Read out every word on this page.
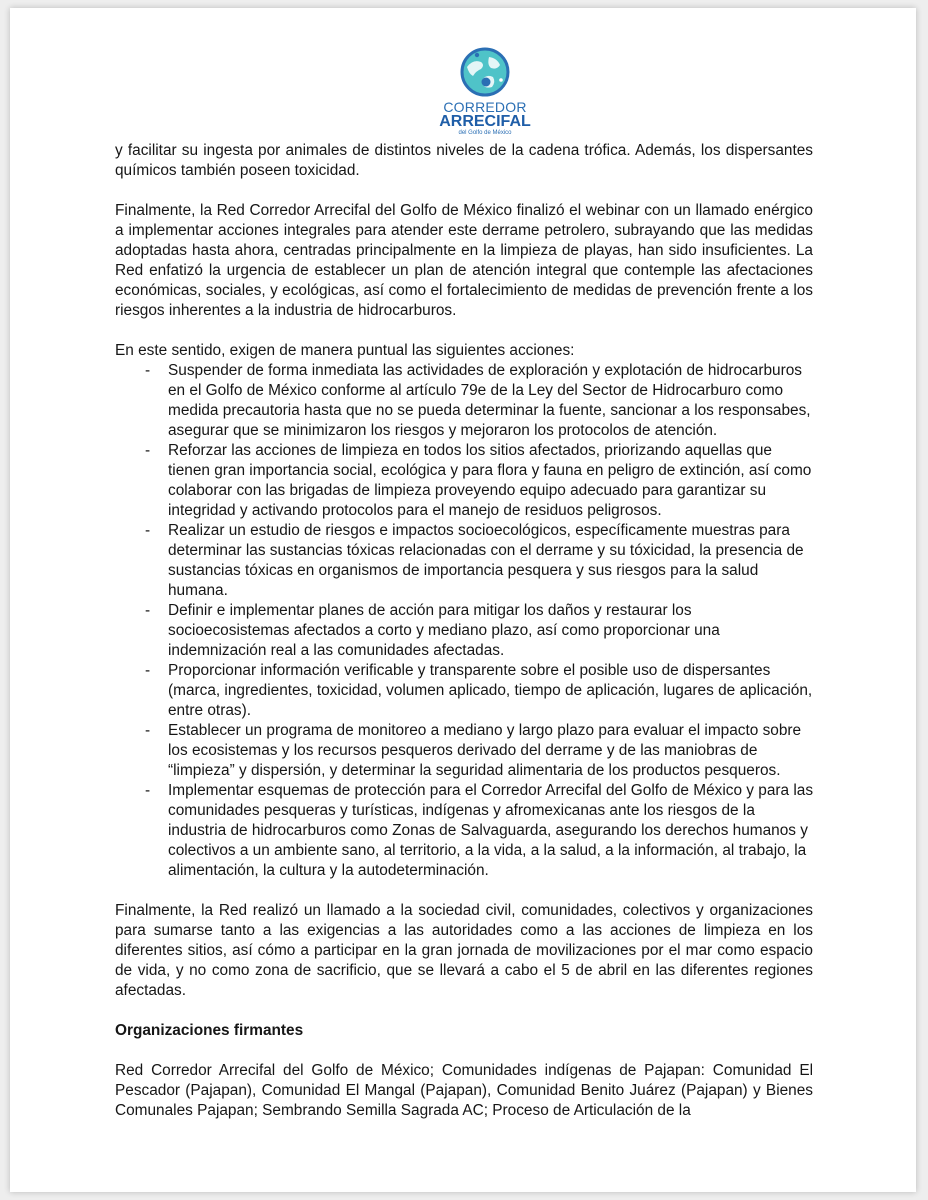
CORREDOR
ARRECIFAL
del Golfo de México

y facilitar su ingesta por animales de distintos niveles de la cadena trófica. Además, los dispersantes químicos también poseen toxicidad.

Finalmente, la Red Corredor Arrecifal del Golfo de México finalizó el webinar con un llamado enérgico a implementar acciones integrales para atender este derrame petrolero, subrayando que las medidas adoptadas hasta ahora, centradas principalmente en la limpieza de playas, han sido insuficientes. La Red enfatizó la urgencia de establecer un plan de atención integral que contemple las afectaciones económicas, sociales, y ecológicas, así como el fortalecimiento de medidas de prevención frente a los riesgos inherentes a la industria de hidrocarburos.

En este sentido, exigen de manera puntual las siguientes acciones:

- Suspender de forma inmediata las actividades de exploración y explotación de hidrocarburos en el Golfo de México conforme al artículo 79e de la Ley del Sector de Hidrocarburo como medida precautoria hasta que no se pueda determinar la fuente, sancionar a los responsabes, asegurar que se minimizaron los riesgos y mejoraron los protocolos de atención.
- Reforzar las acciones de limpieza en todos los sitios afectados, priorizando aquellas que tienen gran importancia social, ecológica y para flora y fauna en peligro de extinción, así como colaborar con las brigadas de limpieza proveyendo equipo adecuado para garantizar su integridad y activando protocolos para el manejo de residuos peligrosos.
- Realizar un estudio de riesgos e impactos socioecológicos, específicamente muestras para determinar las sustancias tóxicas relacionadas con el derrame y su tóxicidad, la presencia de sustancias tóxicas en organismos de importancia pesquera y sus riesgos para la salud humana.
- Definir e implementar planes de acción para mitigar los daños y restaurar los socioecosistemas afectados a corto y mediano plazo, así como proporcionar una indemnización real a las comunidades afectadas.
- Proporcionar información verificable y transparente sobre el posible uso de dispersantes (marca, ingredientes, toxicidad, volumen aplicado, tiempo de aplicación, lugares de aplicación, entre otras).
- Establecer un programa de monitoreo a mediano y largo plazo para evaluar el impacto sobre los ecosistemas y los recursos pesqueros derivado del derrame y de las maniobras de “limpieza” y dispersión, y determinar la seguridad alimentaria de los productos pesqueros.
- Implementar esquemas de protección para el Corredor Arrecifal del Golfo de México y para las comunidades pesqueras y turísticas, indígenas y afromexicanas ante los riesgos de la industria de hidrocarburos como Zonas de Salvaguarda, asegurando los derechos humanos y colectivos a un ambiente sano, al territorio, a la vida, a la salud, a la información, al trabajo, la alimentación, la cultura y la autodeterminación.

Finalmente, la Red realizó un llamado a la sociedad civil, comunidades, colectivos y organizaciones para sumarse tanto a las exigencias a las autoridades como a las acciones de limpieza en los diferentes sitios, así cómo a participar en la gran jornada de movilizaciones por el mar como espacio de vida, y no como zona de sacrificio, que se llevará a cabo el 5 de abril en las diferentes regiones afectadas.

Organizaciones firmantes

Red Corredor Arrecifal del Golfo de México; Comunidades indígenas de Pajapan: Comunidad El Pescador (Pajapan), Comunidad El Mangal (Pajapan), Comunidad Benito Juárez (Pajapan) y Bienes Comunales Pajapan; Sembrando Semilla Sagrada AC; Proceso de Articulación de la
